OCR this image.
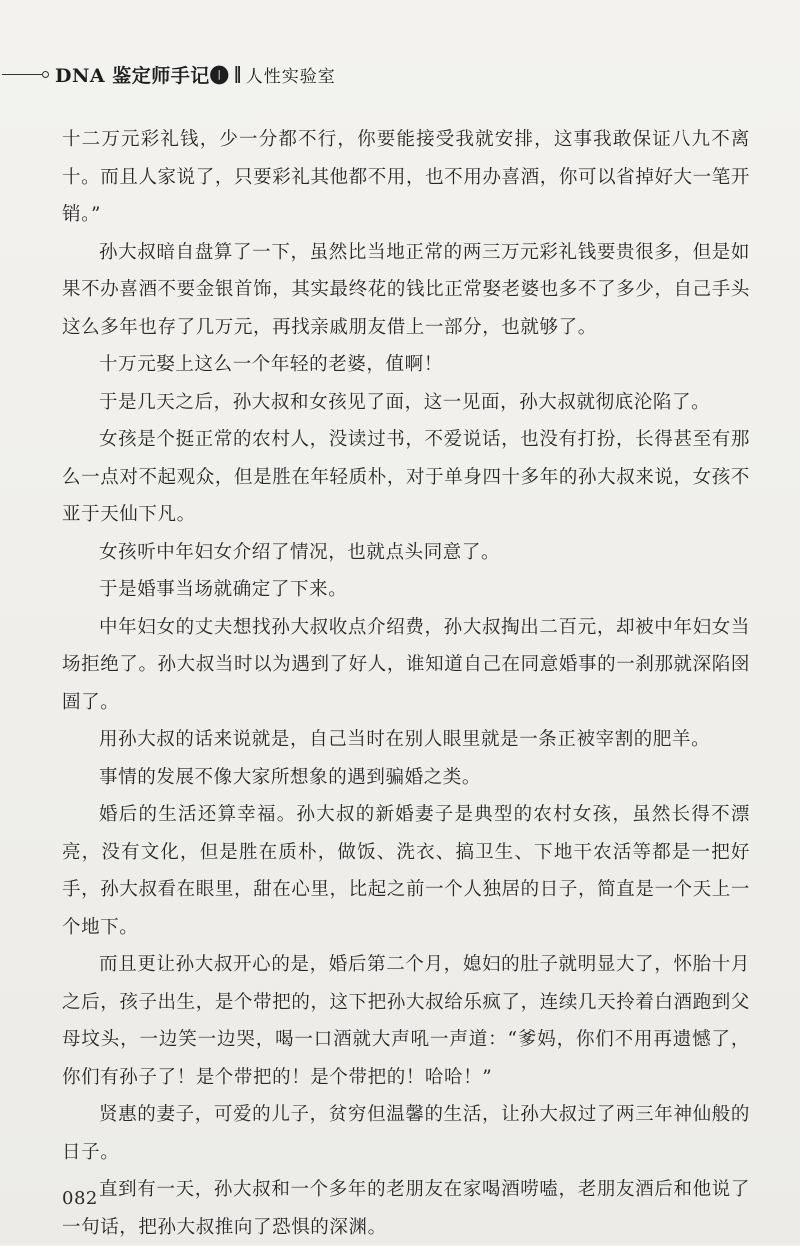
DNA 鉴定师手记❶ ‖ 人性实验室

十二万元彩礼钱，少一分都不行，你要能接受我就安排，这事我敢保证八九不离十。而且人家说了，只要彩礼其他都不用，也不用办喜酒，你可以省掉好大一笔开销。”

孙大叔暗自盘算了一下，虽然比当地正常的两三万元彩礼钱要贵很多，但是如果不办喜酒不要金银首饰，其实最终花的钱比正常娶老婆也多不了多少，自己手头这么多年也存了几万元，再找亲戚朋友借上一部分，也就够了。

十万元娶上这么一个年轻的老婆，值啊！

于是几天之后，孙大叔和女孩见了面，这一见面，孙大叔就彻底沦陷了。

女孩是个挺正常的农村人，没读过书，不爱说话，也没有打扮，长得甚至有那么一点对不起观众，但是胜在年轻质朴，对于单身四十多年的孙大叔来说，女孩不亚于天仙下凡。

女孩听中年妇女介绍了情况，也就点头同意了。

于是婚事当场就确定了下来。

中年妇女的丈夫想找孙大叔收点介绍费，孙大叔掏出二百元，却被中年妇女当场拒绝了。孙大叔当时以为遇到了好人，谁知道自己在同意婚事的一刹那就深陷囹圄了。

用孙大叔的话来说就是，自己当时在别人眼里就是一条正被宰割的肥羊。

事情的发展不像大家所想象的遇到骗婚之类。

婚后的生活还算幸福。孙大叔的新婚妻子是典型的农村女孩，虽然长得不漂亮，没有文化，但是胜在质朴，做饭、洗衣、搞卫生、下地干农活等都是一把好手，孙大叔看在眼里，甜在心里，比起之前一个人独居的日子，简直是一个天上一个地下。

而且更让孙大叔开心的是，婚后第二个月，媳妇的肚子就明显大了，怀胎十月之后，孩子出生，是个带把的，这下把孙大叔给乐疯了，连续几天拎着白酒跑到父母坟头，一边笑一边哭，喝一口酒就大声吼一声道：“爹妈，你们不用再遗憾了，你们有孙子了！是个带把的！是个带把的！哈哈！”

贤惠的妻子，可爱的儿子，贫穷但温馨的生活，让孙大叔过了两三年神仙般的日子。

直到有一天，孙大叔和一个多年的老朋友在家喝酒唠嗑，老朋友酒后和他说了一句话，把孙大叔推向了恐惧的深渊。

082
